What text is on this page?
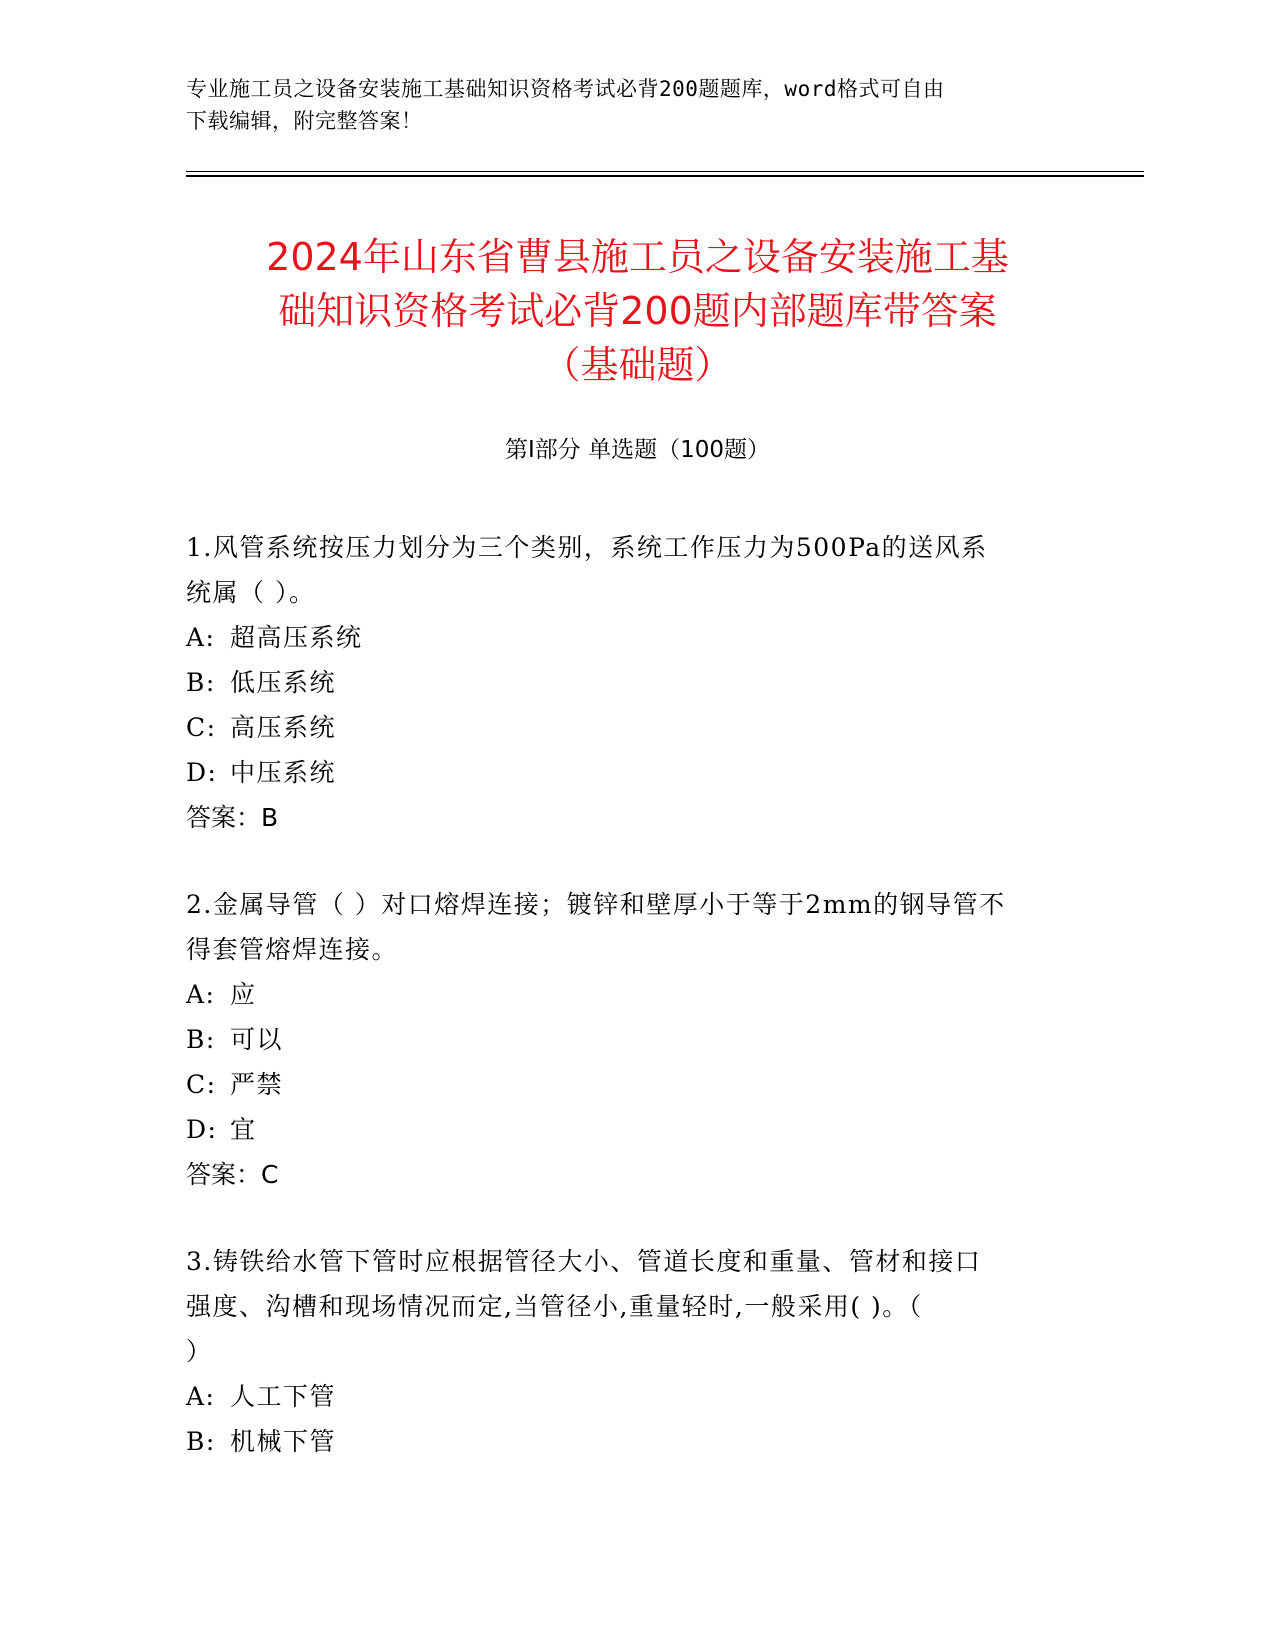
专业施工员之设备安装施工基础知识资格考试必背200题题库，word格式可自由
下载编辑，附完整答案！
2024年山东省曹县施工员之设备安装施工基
础知识资格考试必背200题内部题库带答案
（基础题）
第Ⅰ部分 单选题（100题）

1.风管系统按压力划分为三个类别，系统工作压力为500Pa的送风系

统属（ ）。

A: 超高压系统

B: 低压系统

C: 高压系统

D: 中压系统

答案：B

2.金属导管（ ）对口熔焊连接；镀锌和壁厚小于等于2mm的钢导管不

得套管熔焊连接。

A: 应

B: 可以

C: 严禁

D: 宜

答案：C

3.铸铁给水管下管时应根据管径大小、管道长度和重量、管材和接口

强度、沟槽和现场情况而定,当管径小,重量轻时,一般采用( )。（

）

A: 人工下管

B: 机械下管
